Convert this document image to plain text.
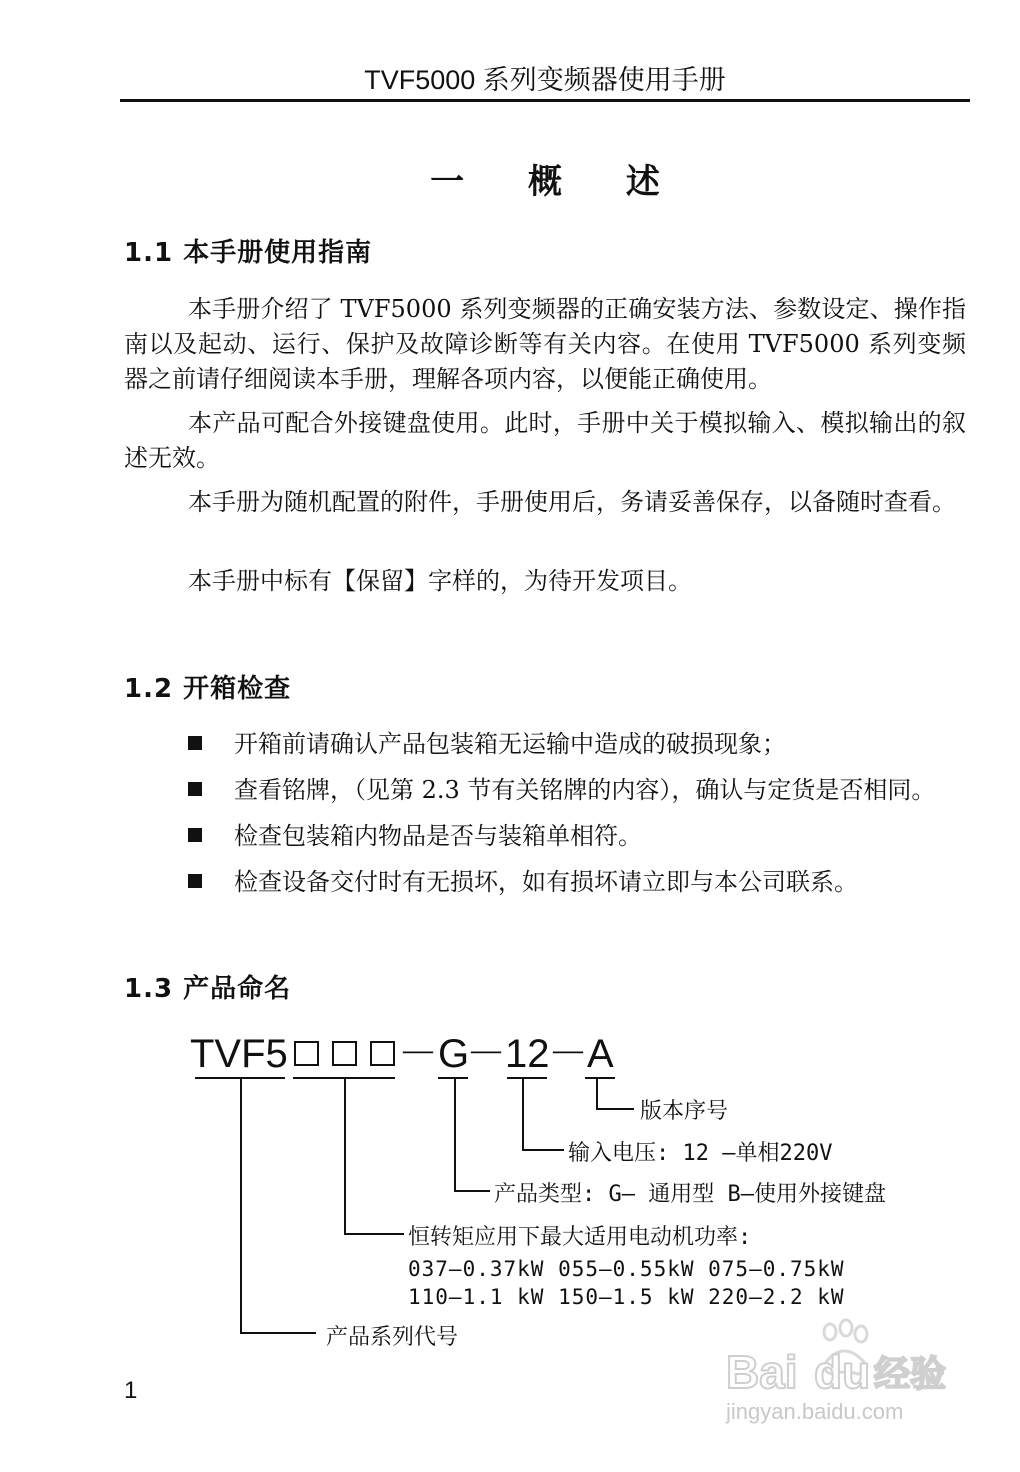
TVF5000 系列变频器使用手册
一 概 述
1.1 本手册使用指南

本手册介绍了 TVF5000 系列变频器的正确安装方法、参数设定、操作指南以及起动、运行、保护及故障诊断等有关内容。在使用 TVF5000 系列变频器之前请仔细阅读本手册，理解各项内容，以便能正确使用。

本产品可配合外接键盘使用。此时，手册中关于模拟输入、模拟输出的叙述无效。

本手册为随机配置的附件，手册使用后，务请妥善保存，以备随时查看。

本手册中标有【保留】字样的，为待开发项目。

1.2 开箱检查
开箱前请确认产品包装箱无运输中造成的破损现象；
查看铭牌，（见第 2.3 节有关铭牌的内容），确认与定货是否相同。
检查包装箱内物品是否与装箱单相符。
检查设备交付时有无损坏，如有损坏请立即与本公司联系。
1.3 产品命名
TVF5	－ G
－ 12
－ A
版本序号
输入电压: 12 —单相220V
产品类型: G— 通用型 B—使用外接键盘
恒转矩应用下最大适用电动机功率:
037—0.37kW 055—0.55kW 075—0.75kW
110—1.1 kW 150—1.5 kW 220—2.2 kW
产品系列代号
1	Bai du 经验
jingyan.baidu.com
